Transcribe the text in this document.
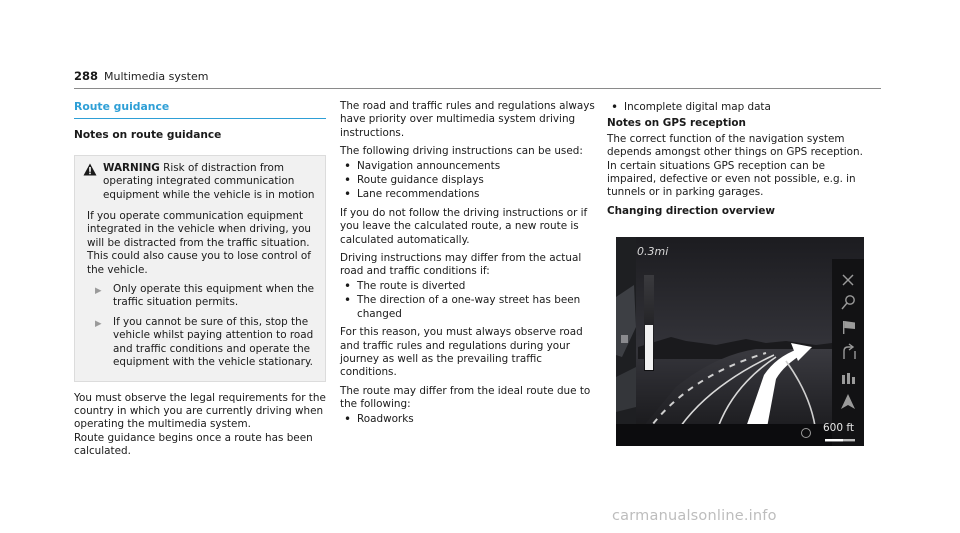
288 Multimedia system
Route guidance
Notes on route guidance
WARNING Risk of distraction from operating integrated communication equipment while the vehicle is in motion
If you operate communication equipment integrated in the vehicle when driving, you will be distracted from the traffic situation. This could also cause you to lose control of the vehicle.
▶	Only operate this equipment when the traffic situation permits.
▶	If you cannot be sure of this, stop the vehicle whilst paying attention to road and traffic conditions and operate the equipment with the vehicle stationary.

You must observe the legal requirements for the country in which you are currently driving when operating the multimedia system.

Route guidance begins once a route has been calculated.

The road and traffic rules and regulations always have priority over multimedia system driving instructions.

The following driving instructions can be used:

• Navigation announcements
• Route guidance displays
• Lane recommendations

If you do not follow the driving instructions or if you leave the calculated route, a new route is calculated automatically.

Driving instructions may differ from the actual road and traffic conditions if:

• The route is diverted
• The direction of a one-way street has been changed

For this reason, you must always observe road and traffic rules and regulations during your journey as well as the prevailing traffic conditions.

The route may differ from the ideal route due to the following:

• Roadworks
• Incomplete digital map data
Notes on GPS reception

The correct function of the navigation system depends amongst other things on GPS reception. In certain situations GPS reception can be impaired, defective or even not possible, e.g. in tunnels or in parking garages.

Changing direction overview
0.3mi
600 ft
carmanualsonline.info
